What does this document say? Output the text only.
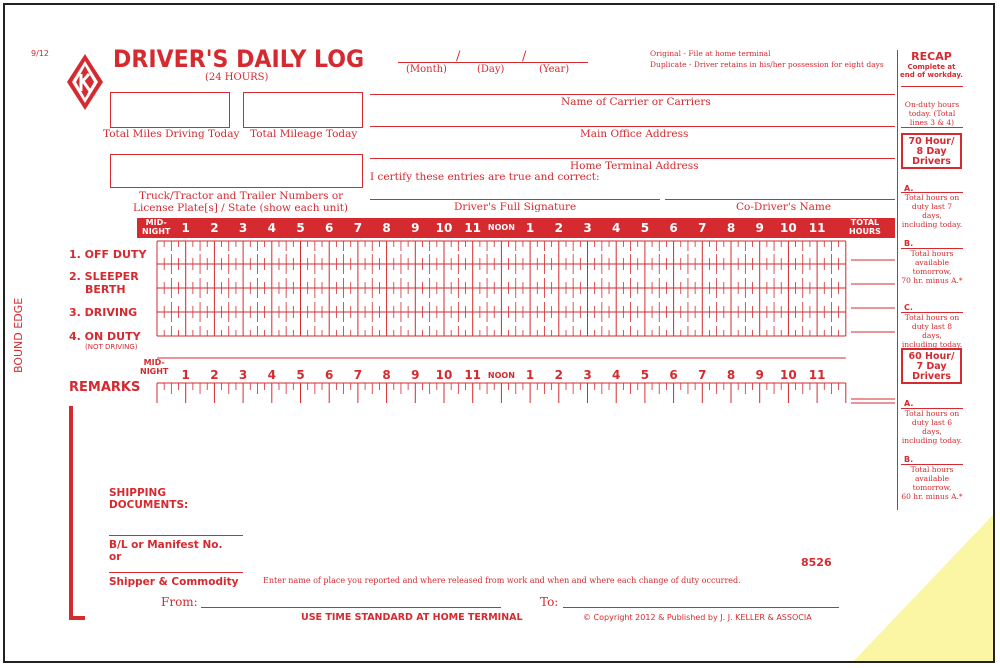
9/12	DRIVER'S DAILY LOG
(24 HOURS)
/	/
(Month)	(Day)	(Year)
Original - File at home terminal
Duplicate - Driver retains in his/her possession for eight days
Total Miles Driving Today Total Mileage Today
Name of Carrier or Carriers
Main Office Address
Home Terminal Address
I certify these entries are true and correct:
Truck/Tractor and Trailer Numbers or
License Plate[s] / State (show each unit)	Driver's Full Signature	Co-Driver's Name
MID-
NIGHT 1 2 3 4 5 6 7 8 9 10 11 NOON 1 2 3 4 5 6 7 8 9 10 11	TOTAL
HOURS
1. OFF DUTY
2. SLEEPER
BERTH
3. DRIVING
4. ON DUTY
(NOT DRIVING)
MID-
NIGHT 1 2 3 4 5 6 7 8 9 10 11 NOON 1 2 3 4 5 6 7 8 9 10 11
BOUND EDGE
REMARKS
SHIPPING
DOCUMENTS:
B/L or Manifest No.
or
Shipper & Commodity
8526
Enter name of place you reported and where released from work and when and where each change of duty occurred.
From:	To:
USE TIME STANDARD AT HOME TERMINAL	© Copyright 2012 & Published by J. J. KELLER & ASSOCIA
RECAP
Complete at
end of workday.
On-duty hours
today. (Total
lines 3 & 4)
70 Hour/
8 Day
Drivers
A.
Total hours on
duty last 7 days,
including today.
B.
Total hours
available
tomorrow,
70 hr. minus A.*
C.
Total hours on
duty last 8 days,
including today.
60 Hour/
7 Day
Drivers
A.
Total hours on
duty last 6 days,
including today.
B.
Total hours
available
tomorrow,
60 hr. minus A.*
